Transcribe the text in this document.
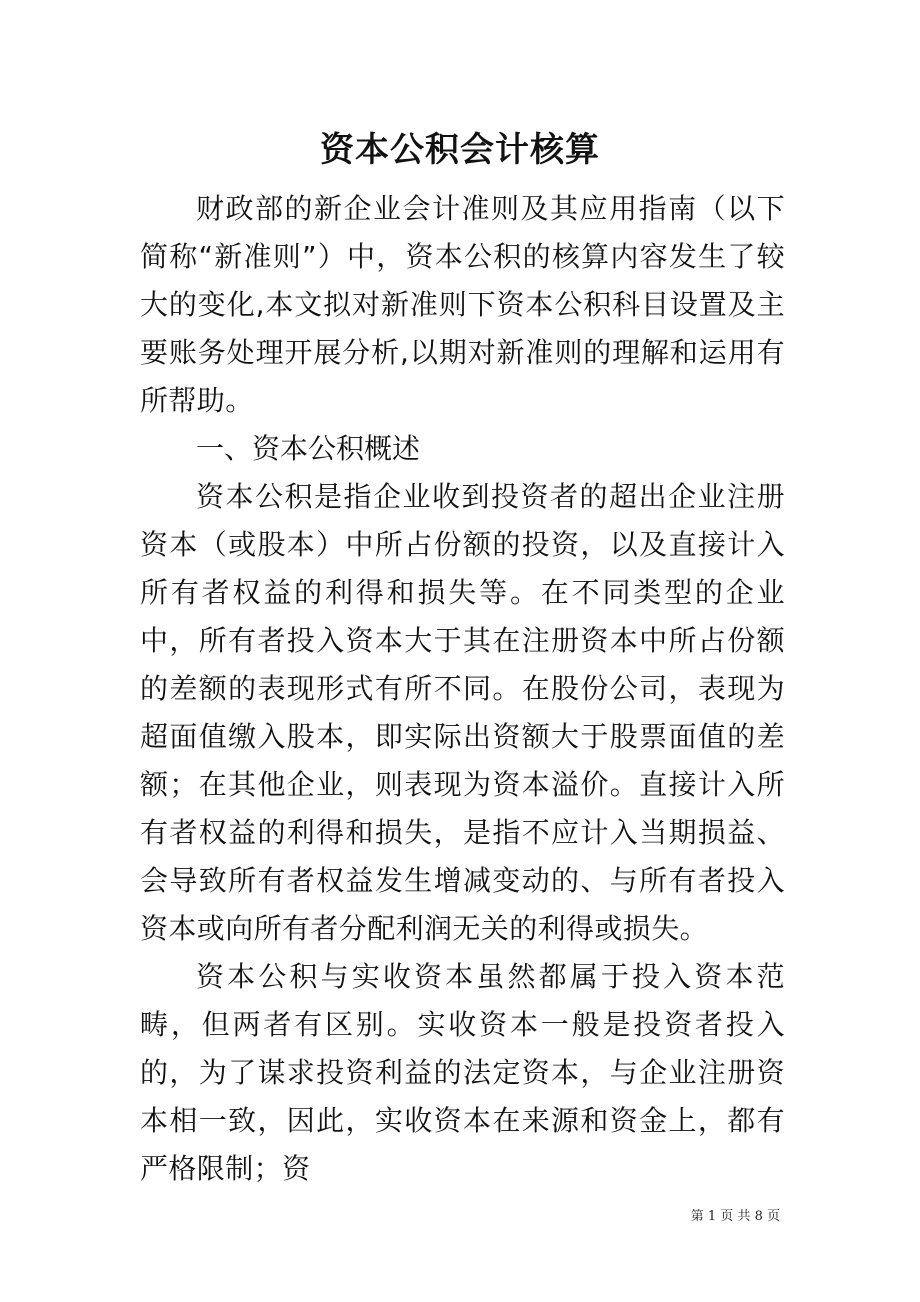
资本公积会计核算

财政部的新企业会计准则及其应用指南（以下简称“新准则”）中，资本公积的核算内容发生了较大的变化,本文拟对新准则下资本公积科目设置及主要账务处理开展分析,以期对新准则的理解和运用有所帮助。

一、资本公积概述

资本公积是指企业收到投资者的超出企业注册资本（或股本）中所占份额的投资，以及直接计入所有者权益的利得和损失等。在不同类型的企业中，所有者投入资本大于其在注册资本中所占份额的差额的表现形式有所不同。在股份公司，表现为超面值缴入股本，即实际出资额大于股票面值的差额；在其他企业，则表现为资本溢价。直接计入所有者权益的利得和损失，是指不应计入当期损益、会导致所有者权益发生增减变动的、与所有者投入资本或向所有者分配利润无关的利得或损失。

资本公积与实收资本虽然都属于投入资本范畴，但两者有区别。实收资本一般是投资者投入的，为了谋求投资利益的法定资本，与企业注册资本相一致，因此，实收资本在来源和资金上，都有严格限制；资

第 1 页 共 8 页
